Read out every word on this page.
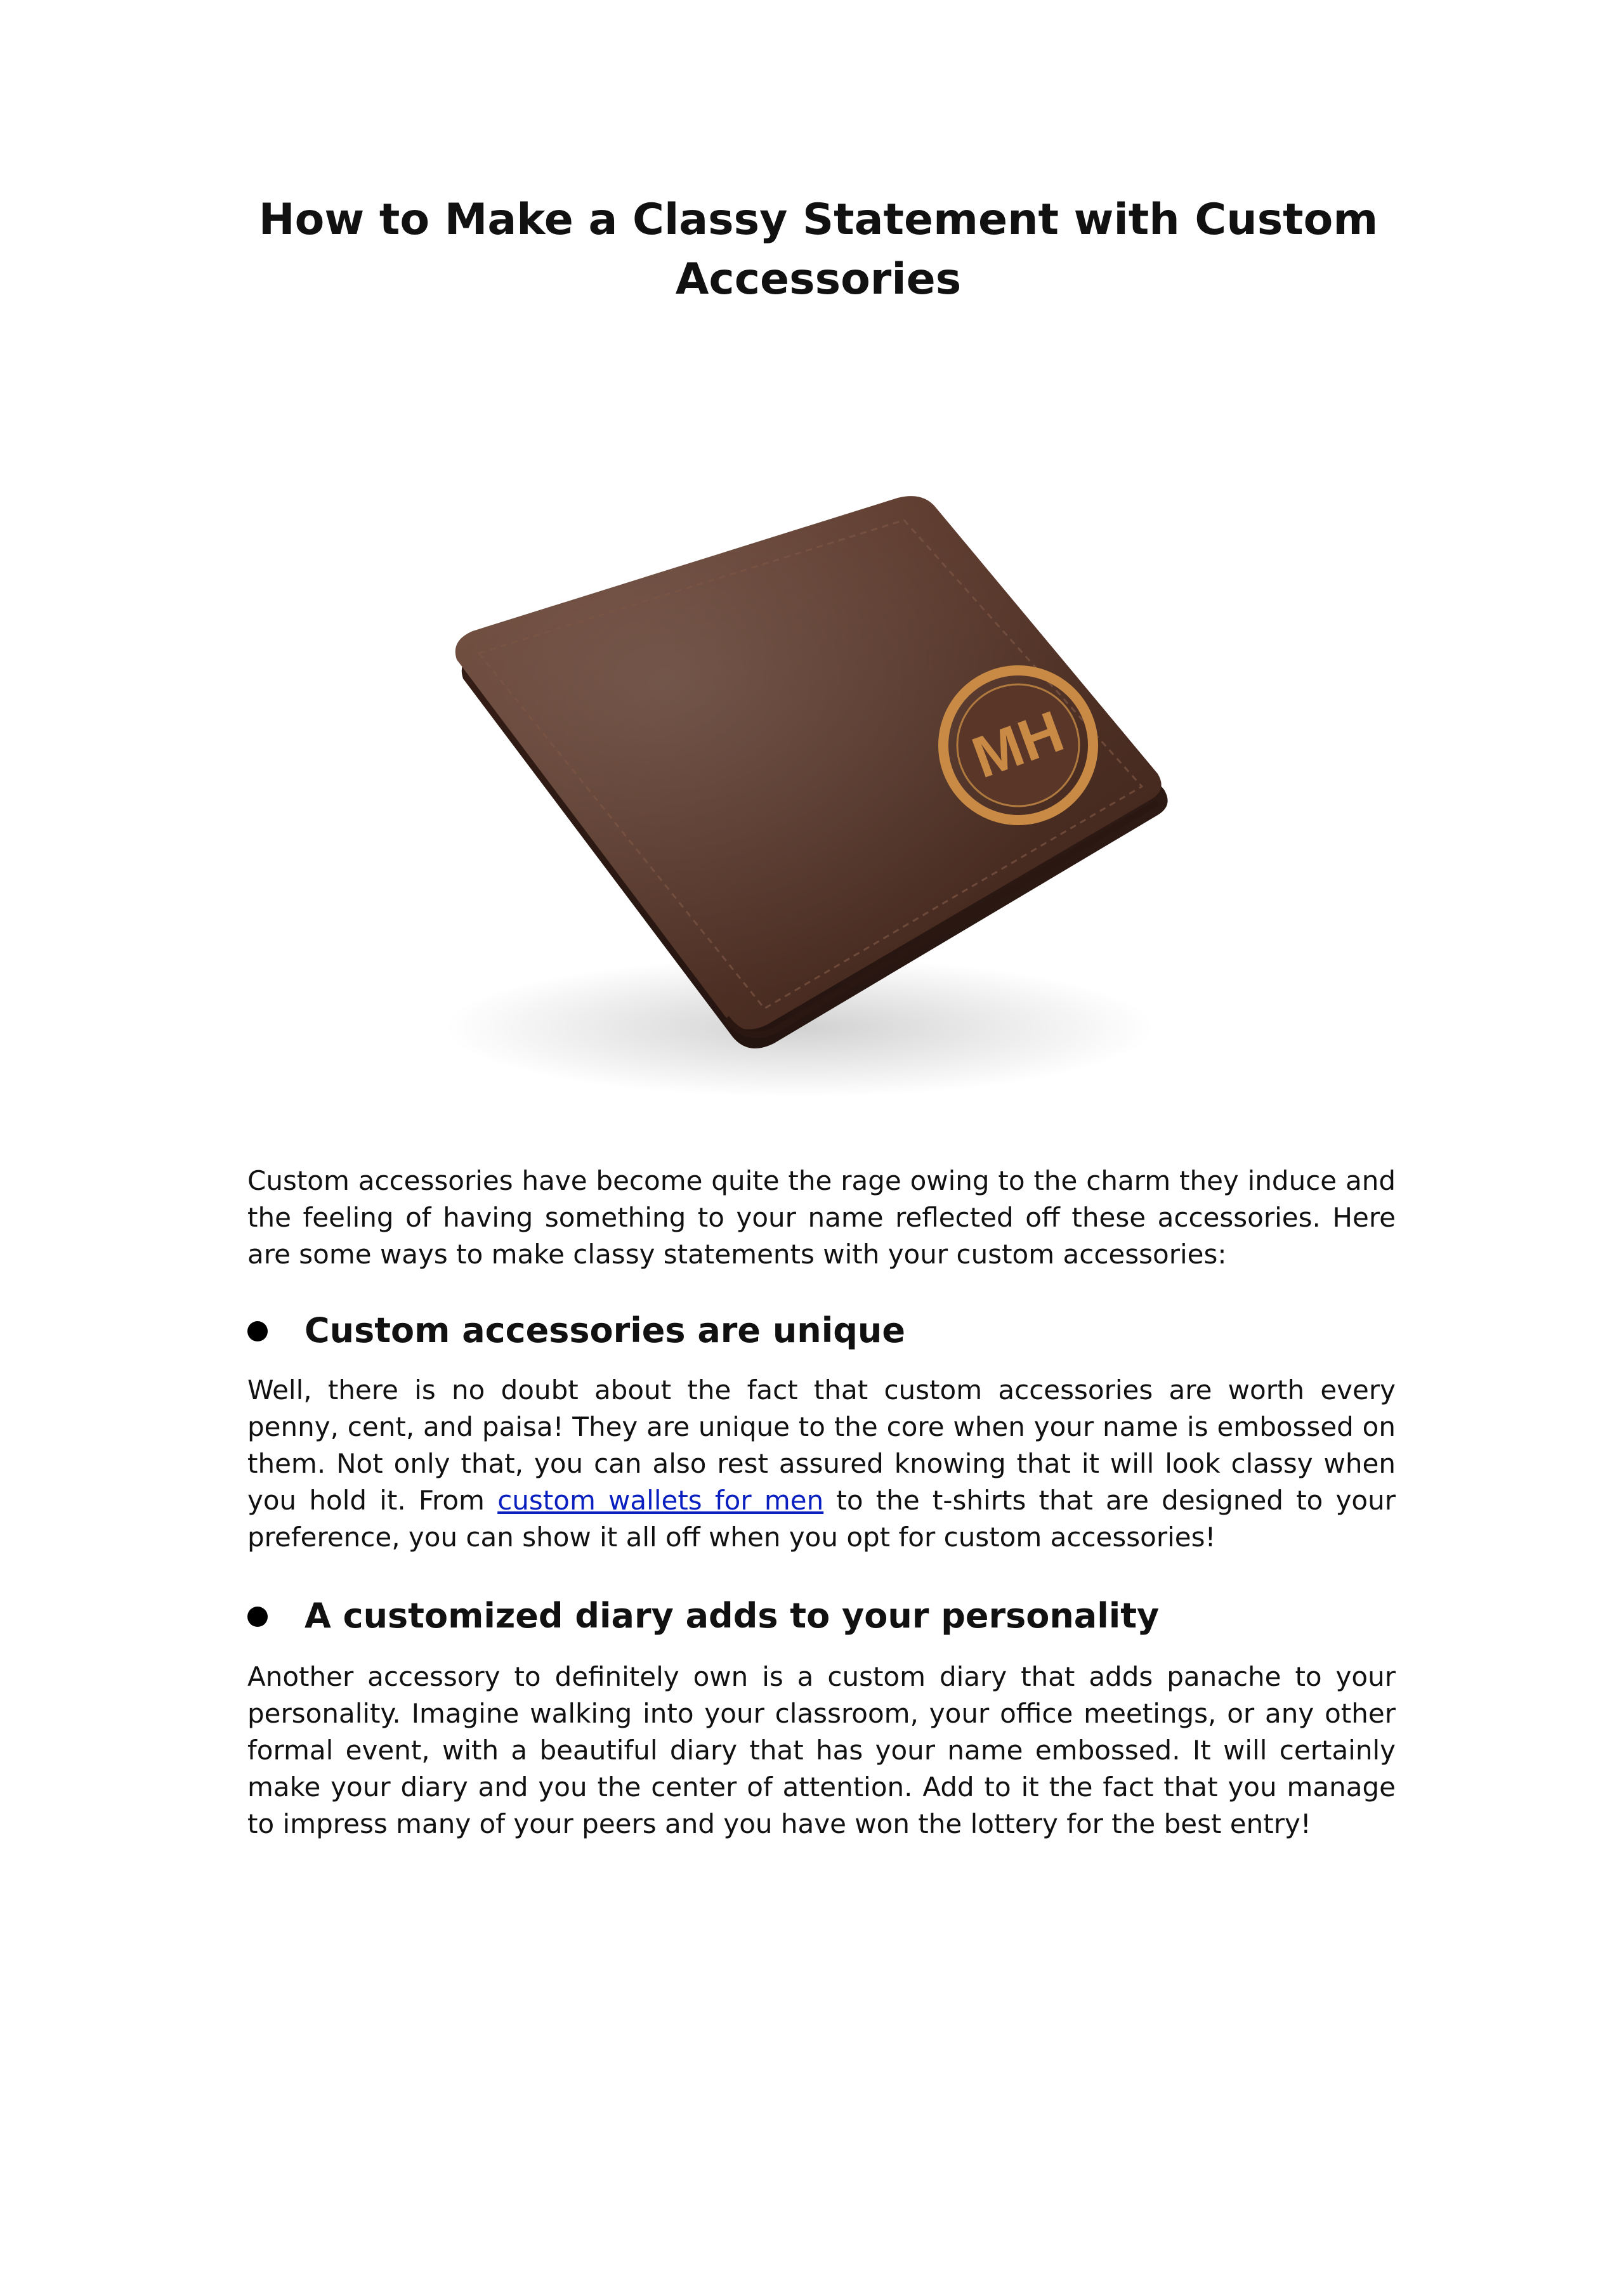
How to Make a Classy Statement with Custom
Accessories
MH

Custom accessories have become quite the rage owing to the charm they induce and the feeling of having something to your name reflected off these accessories. Here are some ways to make classy statements with your custom accessories:

Custom accessories are unique

Well, there is no doubt about the fact that custom accessories are worth every penny, cent, and paisa! They are unique to the core when your name is embossed on them. Not only that, you can also rest assured knowing that it will look classy when you hold it. From custom wallets for men to the t-shirts that are designed to your preference, you can show it all off when you opt for custom accessories!

A customized diary adds to your personality

Another accessory to definitely own is a custom diary that adds panache to your personality. Imagine walking into your classroom, your office meetings, or any other formal event, with a beautiful diary that has your name embossed. It will certainly make your diary and you the center of attention. Add to it the fact that you manage to impress many of your peers and you have won the lottery for the best entry!
